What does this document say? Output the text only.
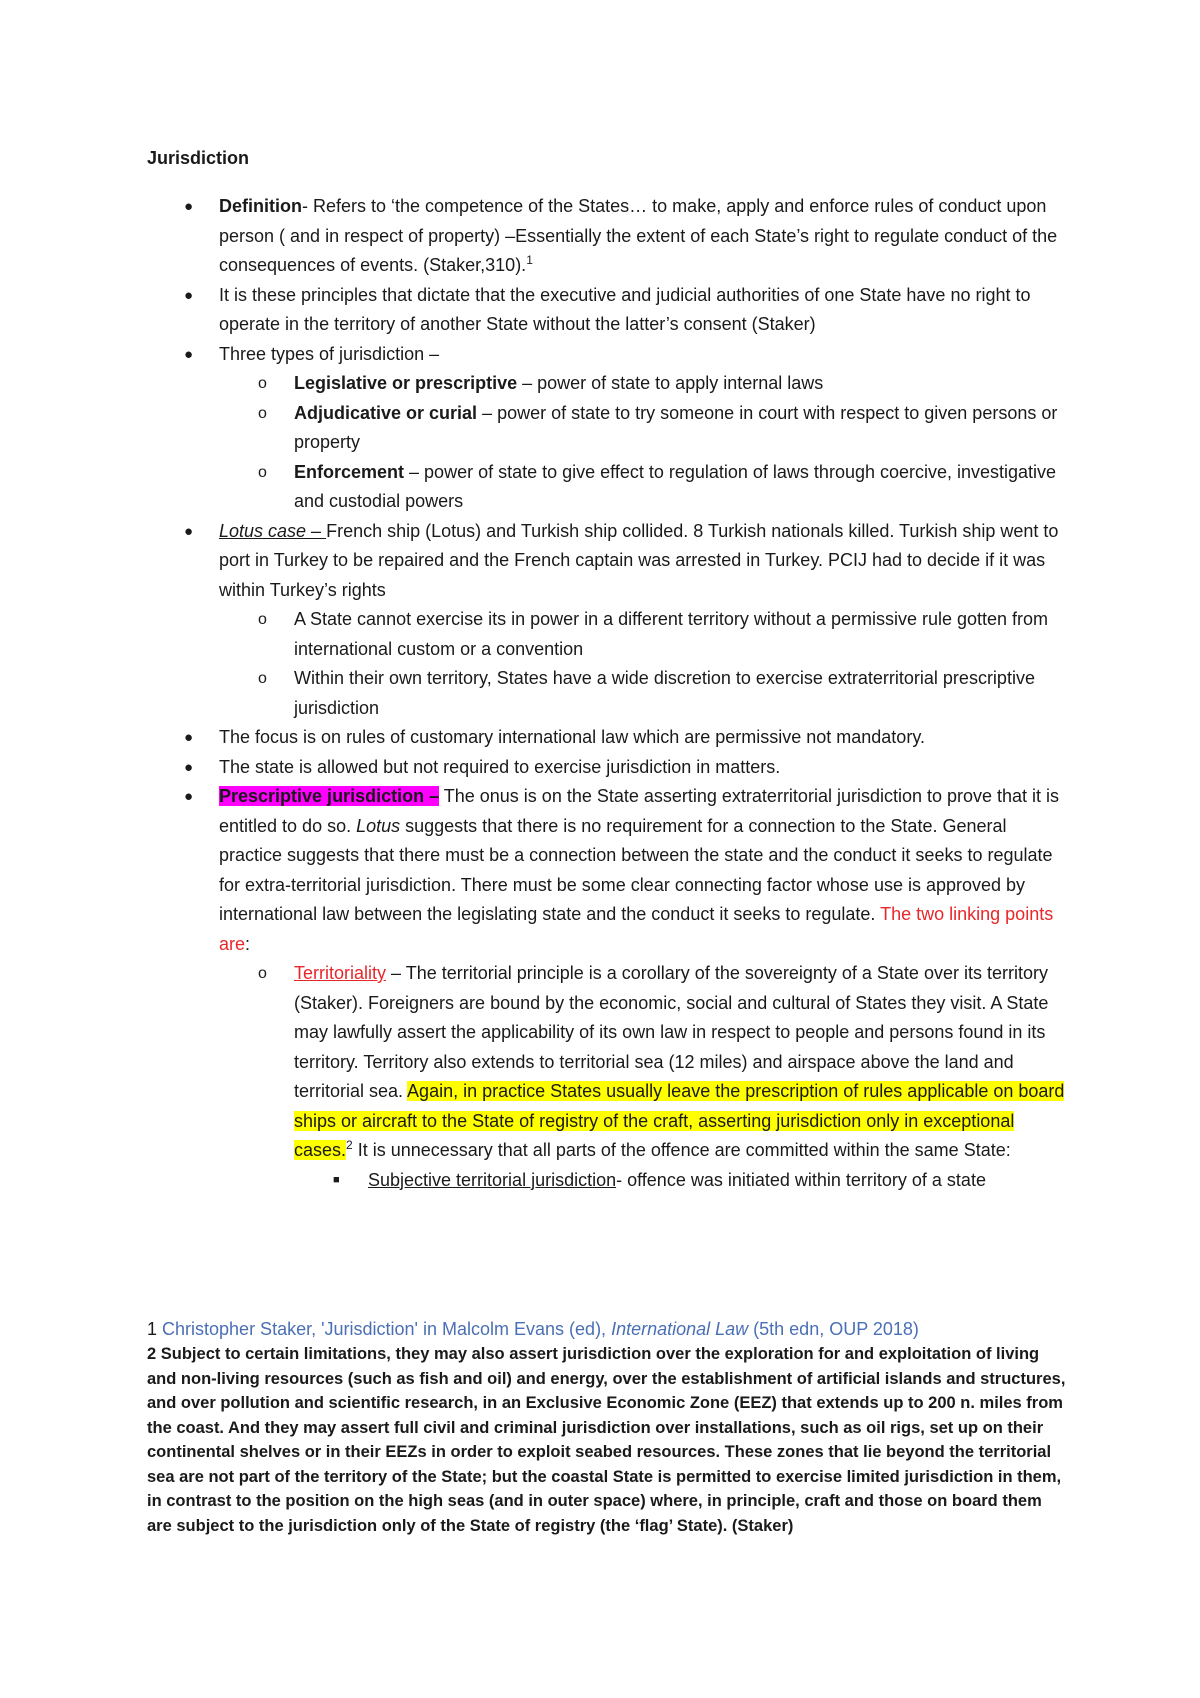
Jurisdiction

● Definition- Refers to ‘the competence of the States… to make, apply and enforce rules of conduct upon person ( and in respect of property) –Essentially the extent of each State’s right to regulate conduct of the consequences of events. (Staker,310).$^1$

● It is these principles that dictate that the executive and judicial authorities of one State have no right to operate in the territory of another State without the latter’s consent (Staker)

● Three types of jurisdiction –

o Legislative or prescriptive – power of state to apply internal laws

o Adjudicative or curial – power of state to try someone in court with respect to given persons or property

o Enforcement – power of state to give effect to regulation of laws through coercive, investigative and custodial powers

● Lotus case – French ship (Lotus) and Turkish ship collided. 8 Turkish nationals killed. Turkish ship went to port in Turkey to be repaired and the French captain was arrested in Turkey. PCIJ had to decide if it was within Turkey’s rights

o A State cannot exercise its in power in a different territory without a permissive rule gotten from international custom or a convention

o Within their own territory, States have a wide discretion to exercise extraterritorial prescriptive jurisdiction

● The focus is on rules of customary international law which are permissive not mandatory.

● The state is allowed but not required to exercise jurisdiction in matters.

● Prescriptive jurisdiction – The onus is on the State asserting extraterritorial jurisdiction to prove that it is entitled to do so. Lotus suggests that there is no requirement for a connection to the State. General practice suggests that there must be a connection between the state and the conduct it seeks to regulate for extra-territorial jurisdiction. There must be some clear connecting factor whose use is approved by international law between the legislating state and the conduct it seeks to regulate. The two linking points are:

o Territoriality – The territorial principle is a corollary of the sovereignty of a State over its territory (Staker). Foreigners are bound by the economic, social and cultural of States they visit. A State may lawfully assert the applicability of its own law in respect to people and persons found in its territory. Territory also extends to territorial sea (12 miles) and airspace above the land and territorial sea. Again, in practice States usually leave the prescription of rules applicable on board ships or aircraft to the State of registry of the craft, asserting jurisdiction only in exceptional cases.$^2$ It is unnecessary that all parts of the offence are committed within the same State:

■ Subjective territorial jurisdiction- offence was initiated within territory of a state

1 Christopher Staker, 'Jurisdiction' in Malcolm Evans (ed), International Law (5th edn, OUP 2018)
2 Subject to certain limitations, they may also assert jurisdiction over the exploration for and exploitation of living and non-living resources (such as fish and oil) and energy, over the establishment of artificial islands and structures, and over pollution and scientific research, in an Exclusive Economic Zone (EEZ) that extends up to 200 n. miles from the coast. And they may assert full civil and criminal jurisdiction over installations, such as oil rigs, set up on their continental shelves or in their EEZs in order to exploit seabed resources. These zones that lie beyond the territorial sea are not part of the territory of the State; but the coastal State is permitted to exercise limited jurisdiction in them, in contrast to the position on the high seas (and in outer space) where, in principle, craft and those on board them are subject to the jurisdiction only of the State of registry (the ‘flag’ State). (Staker)
